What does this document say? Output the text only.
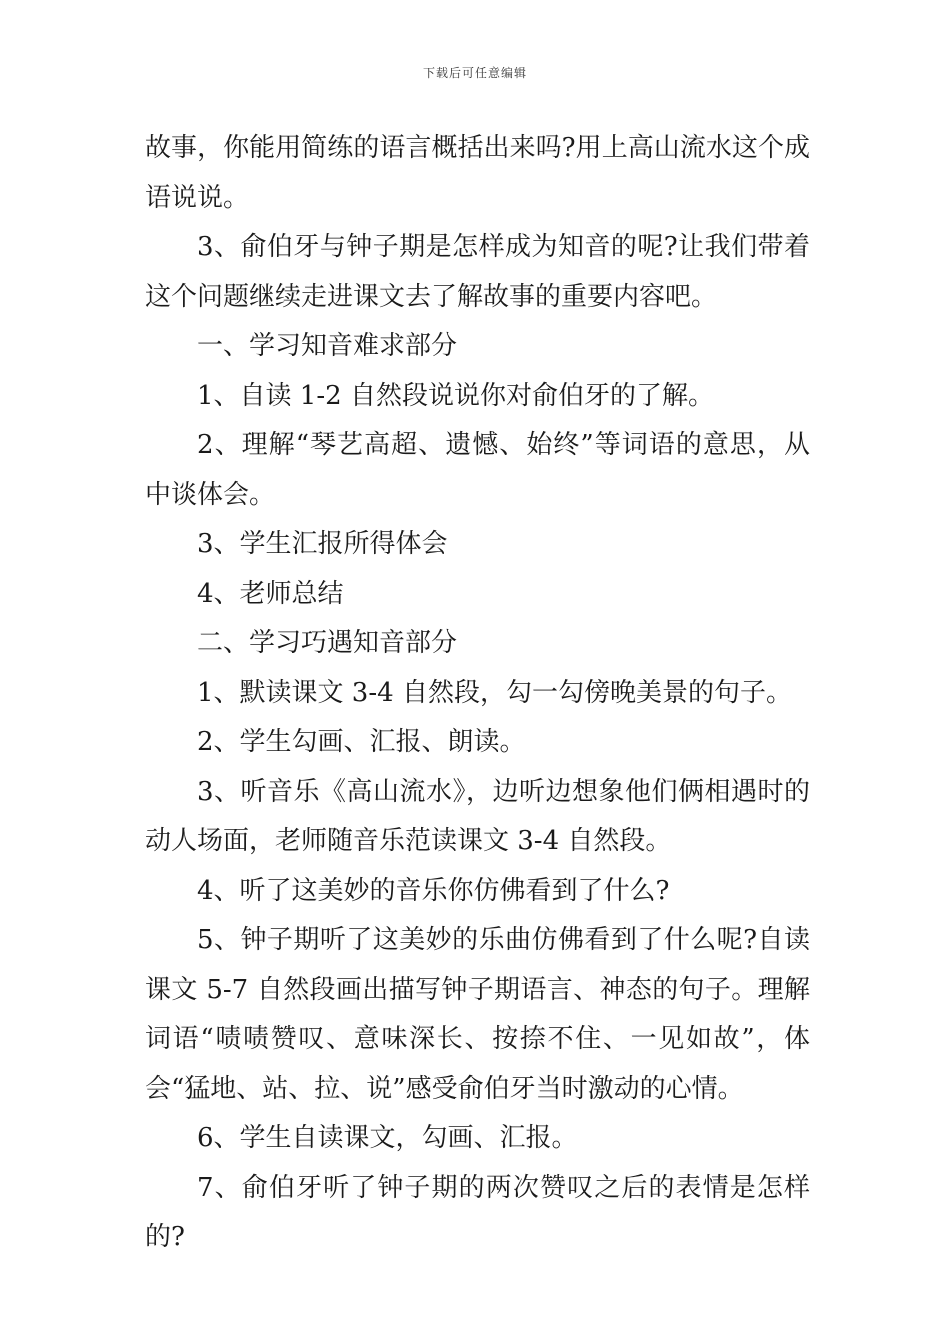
下载后可任意编辑

故事，你能用简练的语言概括出来吗?用上高山流水这个成语说说。

3、俞伯牙与钟子期是怎样成为知音的呢?让我们带着这个问题继续走进课文去了解故事的重要内容吧。

一、学习知音难求部分

1、自读 1-2 自然段说说你对俞伯牙的了解。

2、理解“琴艺高超、遗憾、始终”等词语的意思，从中谈体会。

3、学生汇报所得体会

4、老师总结

二、学习巧遇知音部分

1、默读课文 3-4 自然段，勾一勾傍晚美景的句子。

2、学生勾画、汇报、朗读。

3、听音乐《高山流水》，边听边想象他们俩相遇时的动人场面，老师随音乐范读课文 3-4 自然段。

4、听了这美妙的音乐你仿佛看到了什么?

5、钟子期听了这美妙的乐曲仿佛看到了什么呢?自读课文 5-7 自然段画出描写钟子期语言、神态的句子。理解词语“啧啧赞叹、意味深长、按捺不住、一见如故”，体会“猛地、站、拉、说”感受俞伯牙当时激动的心情。

6、学生自读课文，勾画、汇报。

7、俞伯牙听了钟子期的两次赞叹之后的表情是怎样的?
